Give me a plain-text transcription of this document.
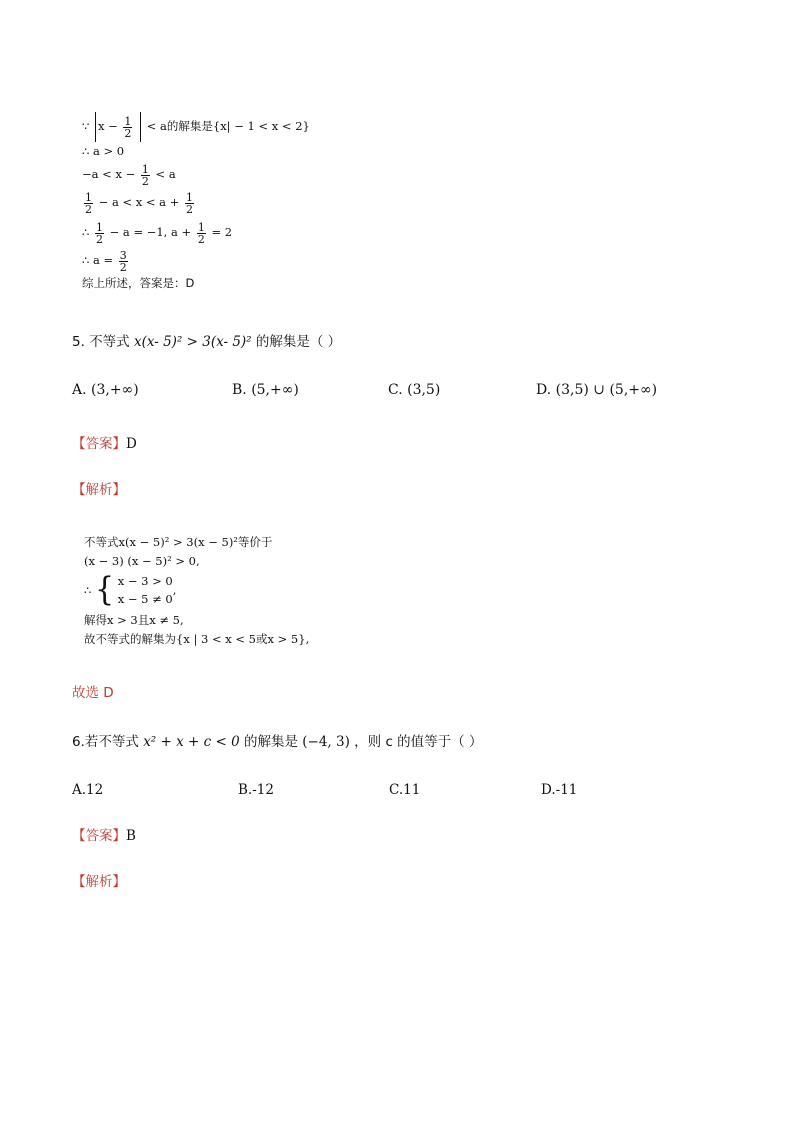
∵ $x - \frac{1}{2} < a$的解集是{x| − 1 < x < 2}
∴ a > 0
$-a < x - \frac{1}{2} < a$
$\frac{1}{2} - a < x < a + \frac{1}{2}$
∴ $\frac{1}{2} - a = -1$, $a + \frac{1}{2} = 2$
∴ $a = \frac{3}{2}$
综上所述，答案是：D
5. 不等式 x(x- 5)² > 3(x- 5)² 的解集是（ ）
A. (3,+∞)	B. (5,+∞)	C. (3,5)	D. (3,5) ∪ (5,+∞)
【答案】D
【解析】
不等式x(x − 5)² > 3(x − 5)²等价于
(x − 3) (x − 5)² > 0,
∴ { x − 3 > 0
x − 5 ≠ 0
,
解得x > 3且x ≠ 5,
故不等式的解集为{x | 3 < x < 5或x > 5},
故选 D
6.若不等式 x² + x + c < 0 的解集是 (−4, 3) ，则 c 的值等于（ ）
A.12	B.-12	C.11	D.-11
【答案】B
【解析】
